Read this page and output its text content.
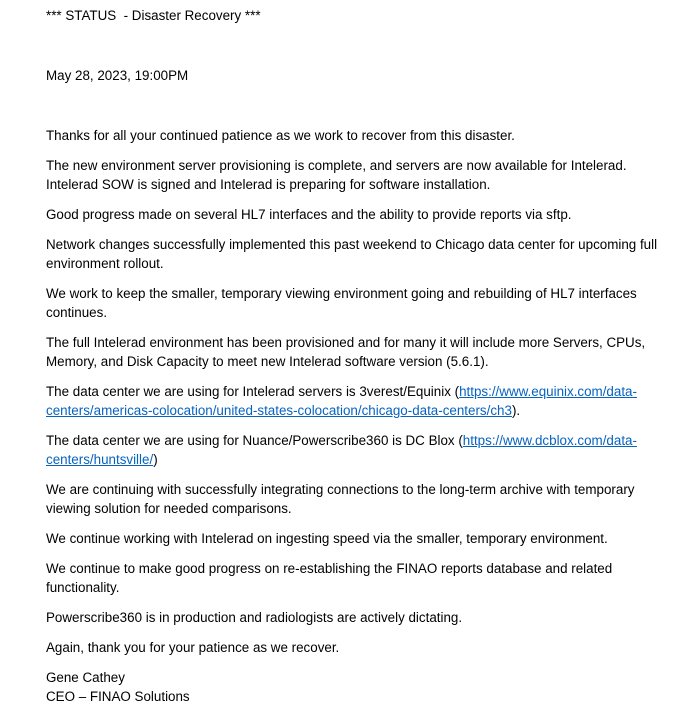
*** STATUS  - Disaster Recovery ***

May 28, 2023, 19:00PM

Thanks for all your continued patience as we work to recover from this disaster.

The new environment server provisioning is complete, and servers are now available for Intelerad. Intelerad SOW is signed and Intelerad is preparing for software installation.

Good progress made on several HL7 interfaces and the ability to provide reports via sftp.

Network changes successfully implemented this past weekend to Chicago data center for upcoming full environment rollout.

We work to keep the smaller, temporary viewing environment going and rebuilding of HL7 interfaces continues.

The full Intelerad environment has been provisioned and for many it will include more Servers, CPUs, Memory, and Disk Capacity to meet new Intelerad software version (5.6.1).

The data center we are using for Intelerad servers is 3verest/Equinix (https://www.equinix.com/data-centers/americas-colocation/united-states-colocation/chicago-data-centers/ch3).

The data center we are using for Nuance/Powerscribe360 is DC Blox (https://www.dcblox.com/data-centers/huntsville/)

We are continuing with successfully integrating connections to the long-term archive with temporary viewing solution for needed comparisons.

We continue working with Intelerad on ingesting speed via the smaller, temporary environment.

We continue to make good progress on re-establishing the FINAO reports database and related functionality.

Powerscribe360 is in production and radiologists are actively dictating.

Again, thank you for your patience as we recover.

Gene Cathey

CEO – FINAO Solutions
